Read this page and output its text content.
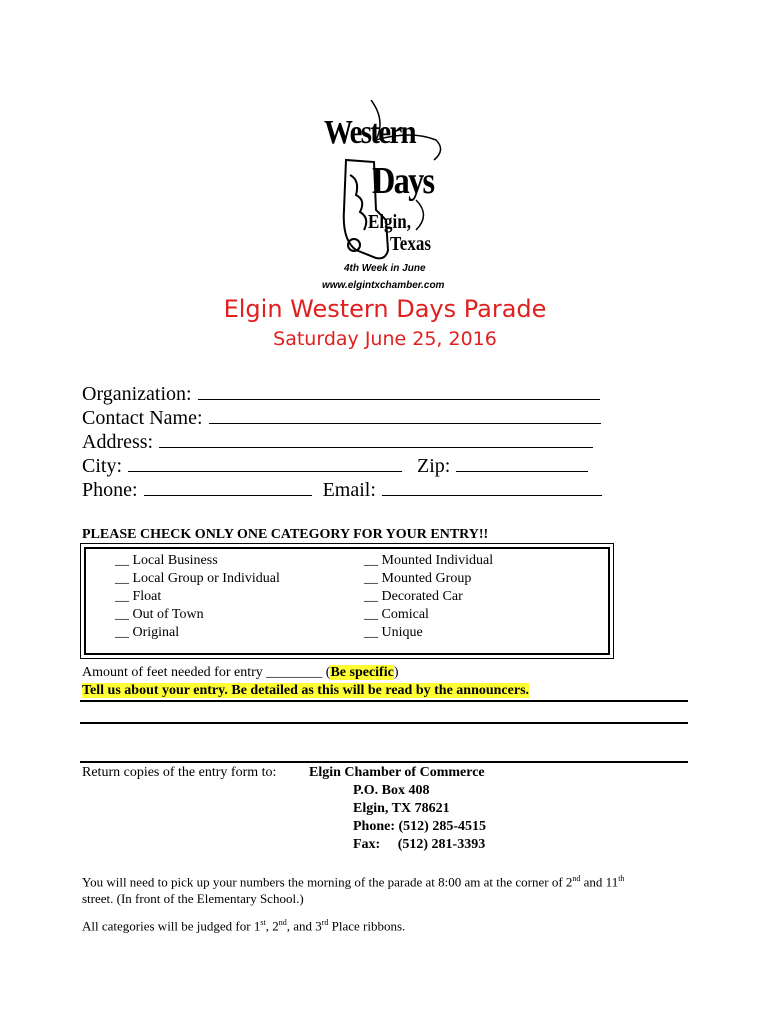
Western
Days
Elgin,
Texas
4th Week in June
www.elgintxchamber.com
Elgin Western Days Parade
Saturday June 25, 2016
Organization:
Contact Name:
Address:
City:	Zip:
Phone:	Email:
PLEASE CHECK ONLY ONE CATEGORY FOR YOUR ENTRY!!
__ Local Business
__ Local Group or Individual
__ Float
__ Out of Town
__ Original
__ Mounted Individual
__ Mounted Group
__ Decorated Car
__ Comical
__ Unique
Amount of feet needed for entry ________ (Be specific)
Tell us about your entry. Be detailed as this will be read by the announcers.
Return copies of the entry form to: Elgin Chamber of Commerce
P.O. Box 408
Elgin, TX 78621
Phone: (512) 285-4515
Fax:     (512) 281-3393
You will need to pick up your numbers the morning of the parade at 8:00 am at the corner of 2nd and 11th
street. (In front of the Elementary School.)
All categories will be judged for 1st, 2nd, and 3rd Place ribbons.
